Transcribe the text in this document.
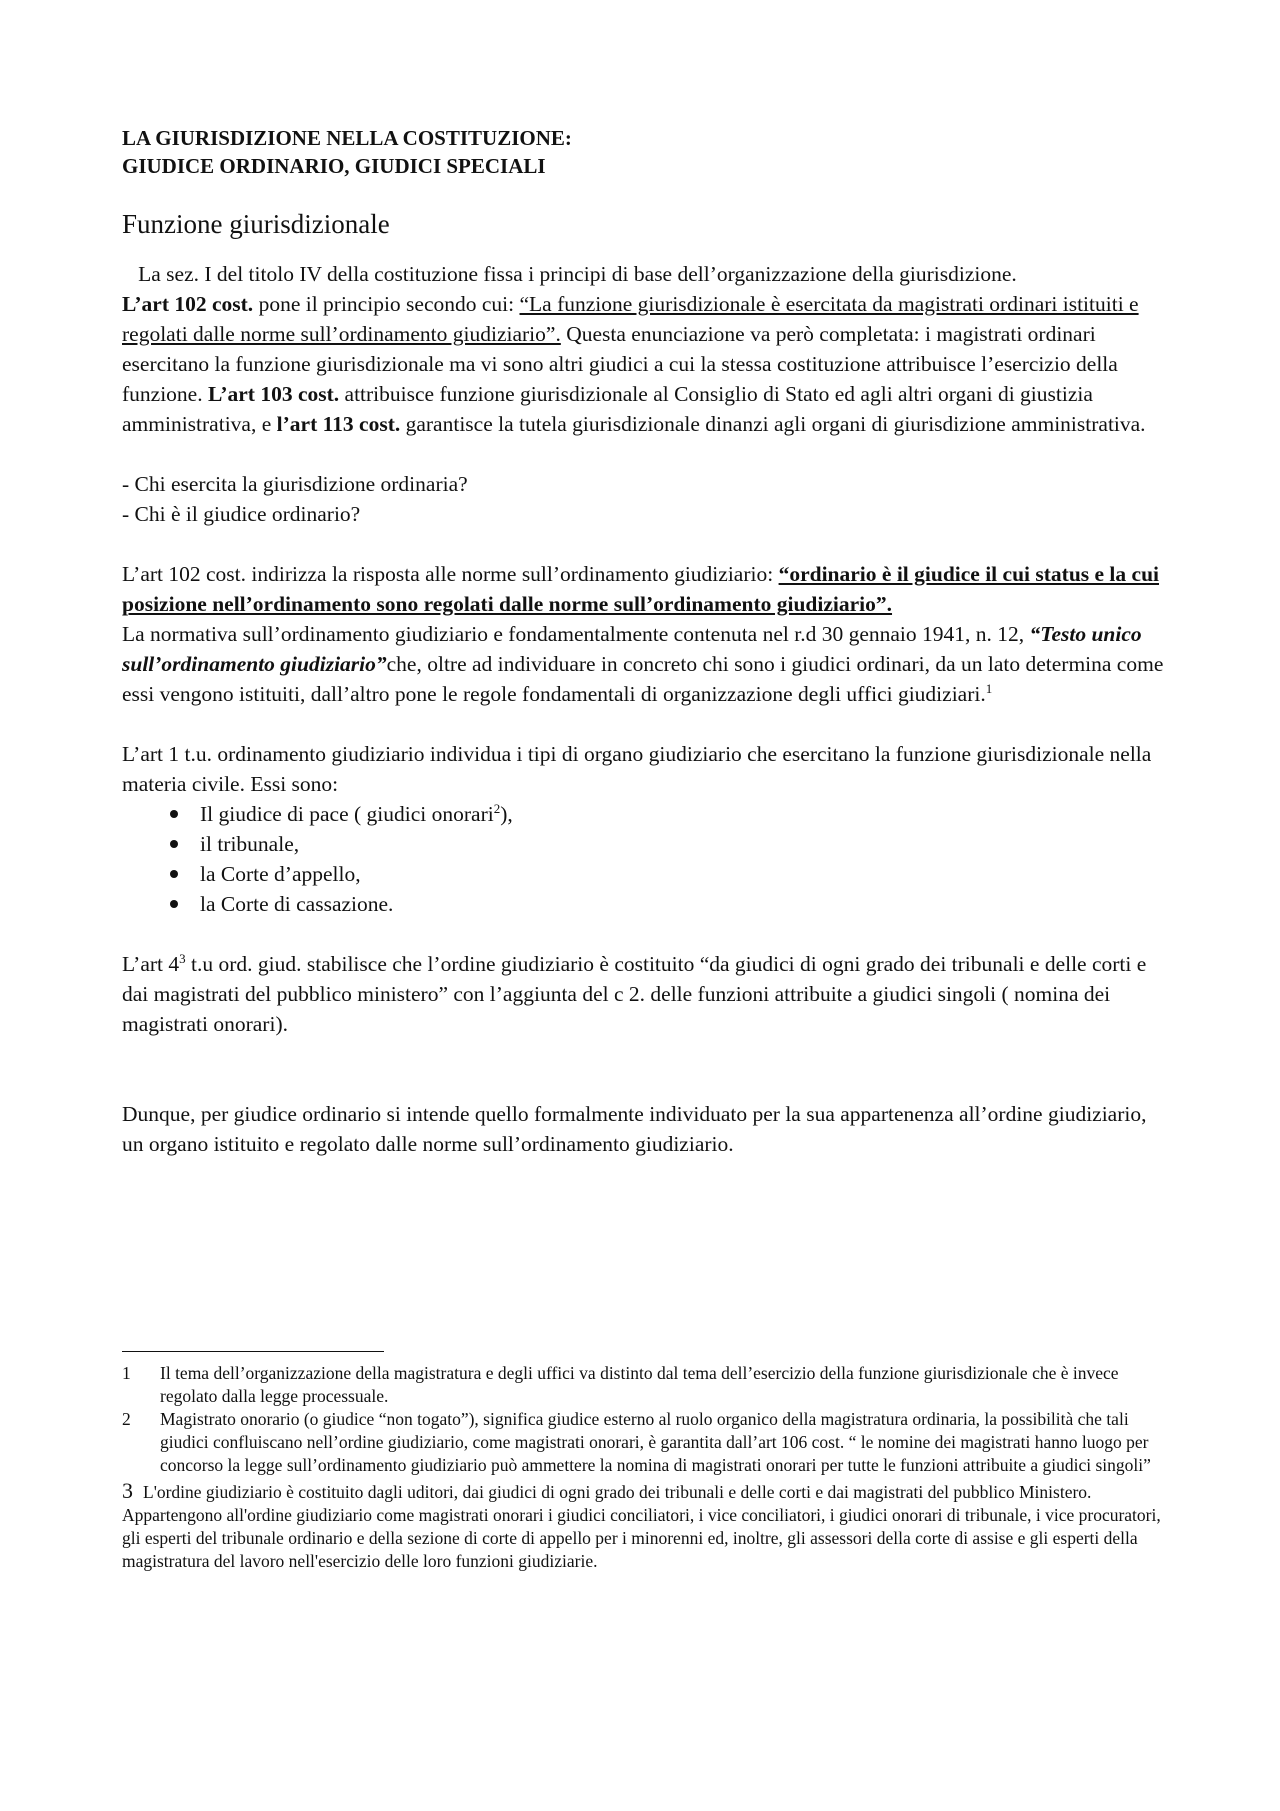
LA GIURISDIZIONE NELLA COSTITUZIONE:
GIUDICE ORDINARIO, GIUDICI SPECIALI
Funzione giurisdizionale

La sez. I del titolo IV della costituzione fissa i principi di base dell’organizzazione della giurisdizione.

L’art 102 cost. pone il principio secondo cui: “La funzione giurisdizionale è esercitata da magistrati ordinari istituiti e regolati dalle norme sull’ordinamento giudiziario”. Questa enunciazione va però completata: i magistrati ordinari esercitano la funzione giurisdizionale ma vi sono altri giudici a cui la stessa costituzione attribuisce l’esercizio della funzione. L’art 103 cost. attribuisce funzione giurisdizionale al Consiglio di Stato ed agli altri organi di giustizia amministrativa, e l’art 113 cost. garantisce la tutela giurisdizionale dinanzi agli organi di giurisdizione amministrativa.

- Chi esercita la giurisdizione ordinaria?

- Chi è il giudice ordinario?

L’art 102 cost. indirizza la risposta alle norme sull’ordinamento giudiziario: “ordinario è il giudice il cui status e la cui posizione nell’ordinamento sono regolati dalle norme sull’ordinamento giudiziario”.

La normativa sull’ordinamento giudiziario e fondamentalmente contenuta nel r.d 30 gennaio 1941, n. 12, “Testo unico sull’ordinamento giudiziario”che, oltre ad individuare in concreto chi sono i giudici ordinari, da un lato determina come essi vengono istituiti, dall’altro pone le regole fondamentali di organizzazione degli uffici giudiziari.$^1$

L’art 1 t.u. ordinamento giudiziario individua i tipi di organo giudiziario che esercitano la funzione giurisdizionale nella materia civile. Essi sono:

Il giudice di pace ( giudici onorari$^2$),
il tribunale,
la Corte d’appello,
la Corte di cassazione.

L’art $4^3$ t.u ord. giud. stabilisce che l’ordine giudiziario è costituito “da giudici di ogni grado dei tribunali e delle corti e dai magistrati del pubblico ministero” con l’aggiunta del c 2. delle funzioni attribuite a giudici singoli ( nomina dei magistrati onorari).

Dunque, per giudice ordinario si intende quello formalmente individuato per la sua appartenenza all’ordine giudiziario, un organo istituito e regolato dalle norme sull’ordinamento giudiziario.

1	Il tema dell’organizzazione della magistratura e degli uffici va distinto dal tema dell’esercizio della funzione giurisdizionale che è invece regolato dalla legge processuale.
2	Magistrato onorario (o giudice “non togato”), significa giudice esterno al ruolo organico della magistratura ordinaria, la possibilità che tali giudici confluiscano nell’ordine giudiziario, come magistrati onorari, è garantita dall’art 106 cost. “ le nomine dei magistrati hanno luogo per concorso la legge sull’ordinamento giudiziario può ammettere la nomina di magistrati onorari per tutte le funzioni attribuite a giudici singoli”
3 L'ordine giudiziario è costituito dagli uditori, dai giudici di ogni grado dei tribunali e delle corti e dai magistrati del pubblico Ministero.
Appartengono all'ordine giudiziario come magistrati onorari i giudici conciliatori, i vice conciliatori, i giudici onorari di tribunale, i vice procuratori, gli esperti del tribunale ordinario e della sezione di corte di appello per i minorenni ed, inoltre, gli assessori della corte di assise e gli esperti della magistratura del lavoro nell'esercizio delle loro funzioni giudiziarie.
